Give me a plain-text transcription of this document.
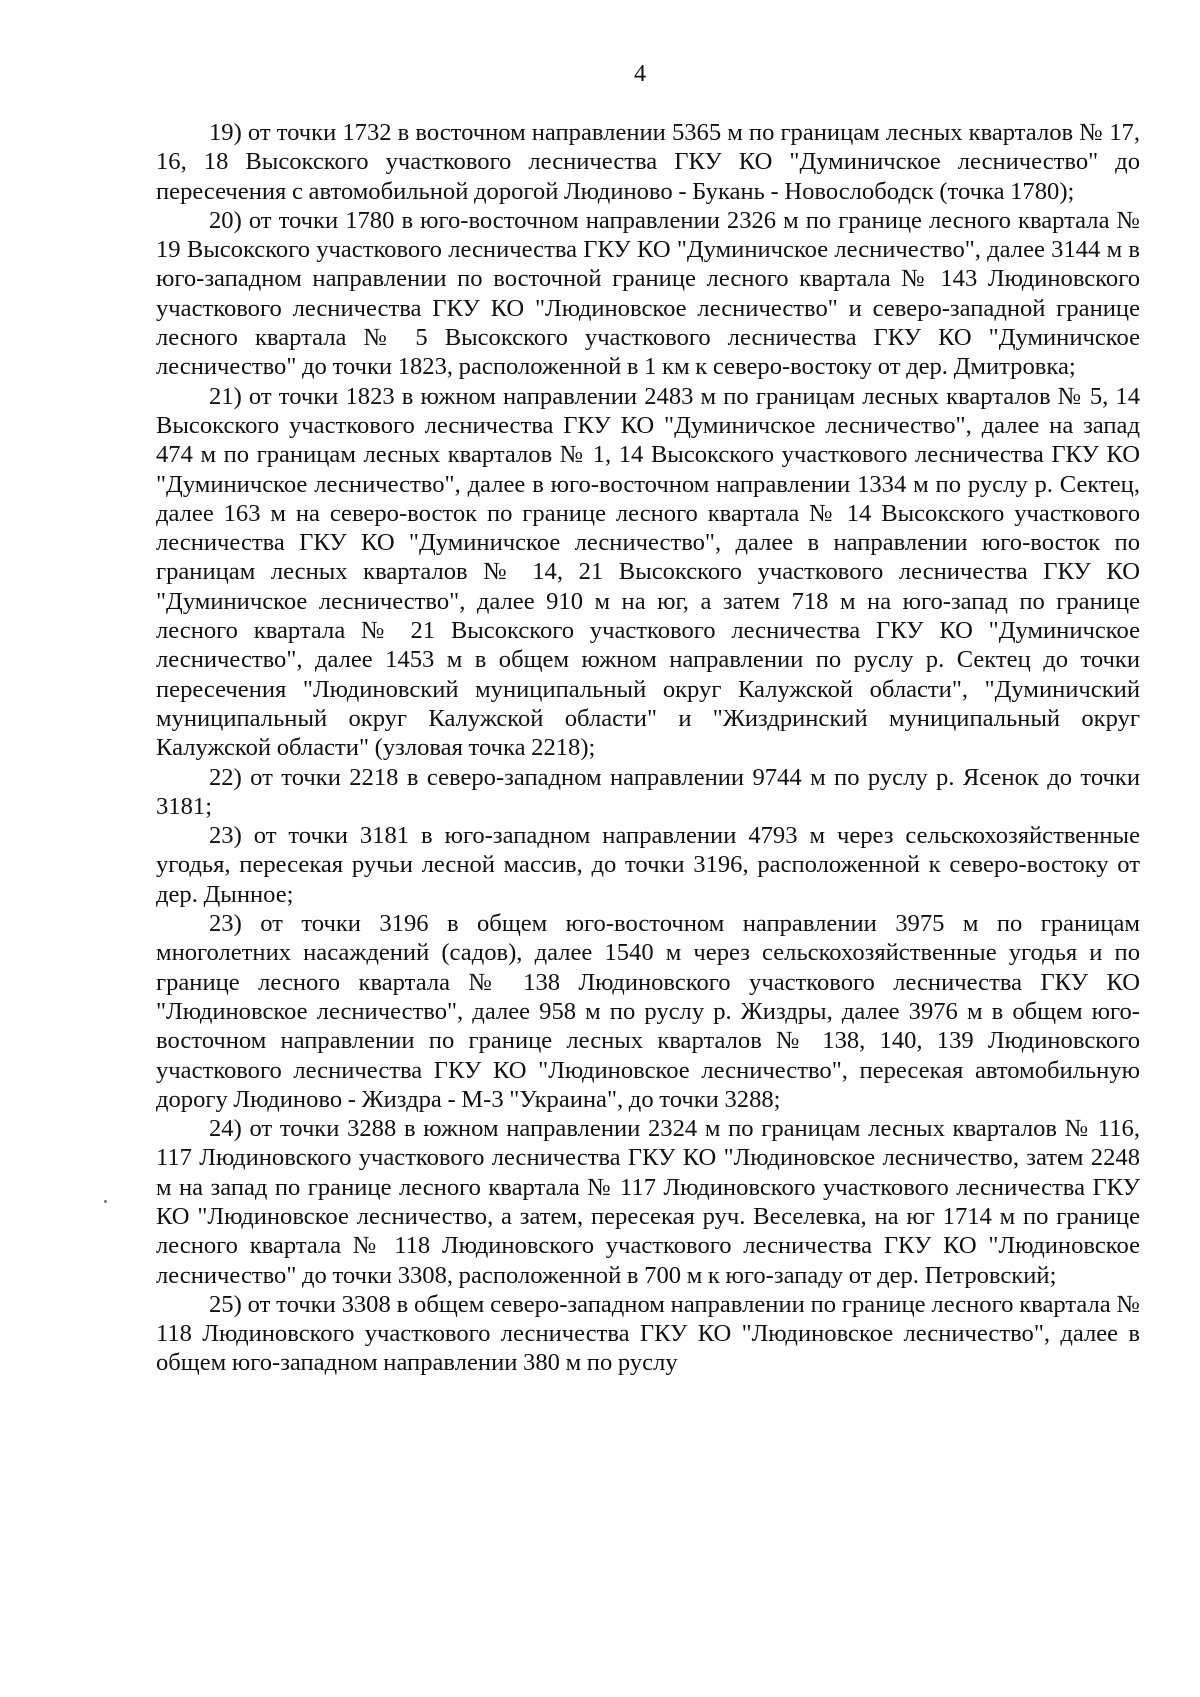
4

19) от точки 1732 в восточном направлении 5365 м по границам лесных кварталов № 17, 16, 18 Высокского участкового лесничества ГКУ КО "Думиничское лесничество" до пересечения с автомобильной дорогой Людиново - Букань - Новослободск (точка 1780);

20) от точки 1780 в юго-восточном направлении 2326 м по границе лесного квартала № 19 Высокского участкового лесничества ГКУ КО "Думиничское лесничество", далее 3144 м в юго-западном направлении по восточной границе лесного квартала № 143 Людиновского участкового лесничества ГКУ КО "Людиновское лесничество" и северо-западной границе лесного квартала № 5 Высокского участкового лесничества ГКУ КО "Думиничское лесничество" до точки 1823, расположенной в 1 км к северо-востоку от дер. Дмитровка;

21) от точки 1823 в южном направлении 2483 м по границам лесных кварталов № 5, 14 Высокского участкового лесничества ГКУ КО "Думиничское лесничество", далее на запад 474 м по границам лесных кварталов № 1, 14 Высокского участкового лесничества ГКУ КО "Думиничское лесничество", далее в юго-восточном направлении 1334 м по руслу р. Сектец, далее 163 м на северо-восток по границе лесного квартала № 14 Высокского участкового лесничества ГКУ КО "Думиничское лесничество", далее в направлении юго-восток по границам лесных кварталов № 14, 21 Высокского участкового лесничества ГКУ КО "Думиничское лесничество", далее 910 м на юг, а затем 718 м на юго-запад по границе лесного квартала № 21 Высокского участкового лесничества ГКУ КО "Думиничское лесничество", далее 1453 м в общем южном направлении по руслу р. Сектец до точки пересечения "Людиновский муниципальный округ Калужской области", "Думиничский муниципальный округ Калужской области" и "Жиздринский муниципальный округ Калужской области" (узловая точка 2218);

22) от точки 2218 в северо-западном направлении 9744 м по руслу р. Ясенок до точки 3181;

23) от точки 3181 в юго-западном направлении 4793 м через сельскохозяйственные угодья, пересекая ручьи лесной массив, до точки 3196, расположенной к северо-востоку от дер. Дынное;

23) от точки 3196 в общем юго-восточном направлении 3975 м по границам многолетних насаждений (садов), далее 1540 м через сельскохозяйственные угодья и по границе лесного квартала № 138 Людиновского участкового лесничества ГКУ КО "Людиновское лесничество", далее 958 м по руслу р. Жиздры, далее 3976 м в общем юго-восточном направлении по границе лесных кварталов № 138, 140, 139 Людиновского участкового лесничества ГКУ КО "Людиновское лесничество", пересекая автомобильную дорогу Людиново - Жиздра - М-3 "Украина", до точки 3288;

24) от точки 3288 в южном направлении 2324 м по границам лесных кварталов № 116, 117 Людиновского участкового лесничества ГКУ КО "Людиновское лесничество, затем 2248 м на запад по границе лесного квартала № 117 Людиновского участкового лесничества ГКУ КО "Людиновское лесничество, а затем, пересекая руч. Веселевка, на юг 1714 м по границе лесного квартала № 118 Людиновского участкового лесничества ГКУ КО "Людиновское лесничество" до точки 3308, расположенной в 700 м к юго-западу от дер. Петровский;

25) от точки 3308 в общем северо-западном направлении по границе лесного квартала № 118 Людиновского участкового лесничества ГКУ КО "Людиновское лесничество", далее в общем юго-западном направлении 380 м по руслу
